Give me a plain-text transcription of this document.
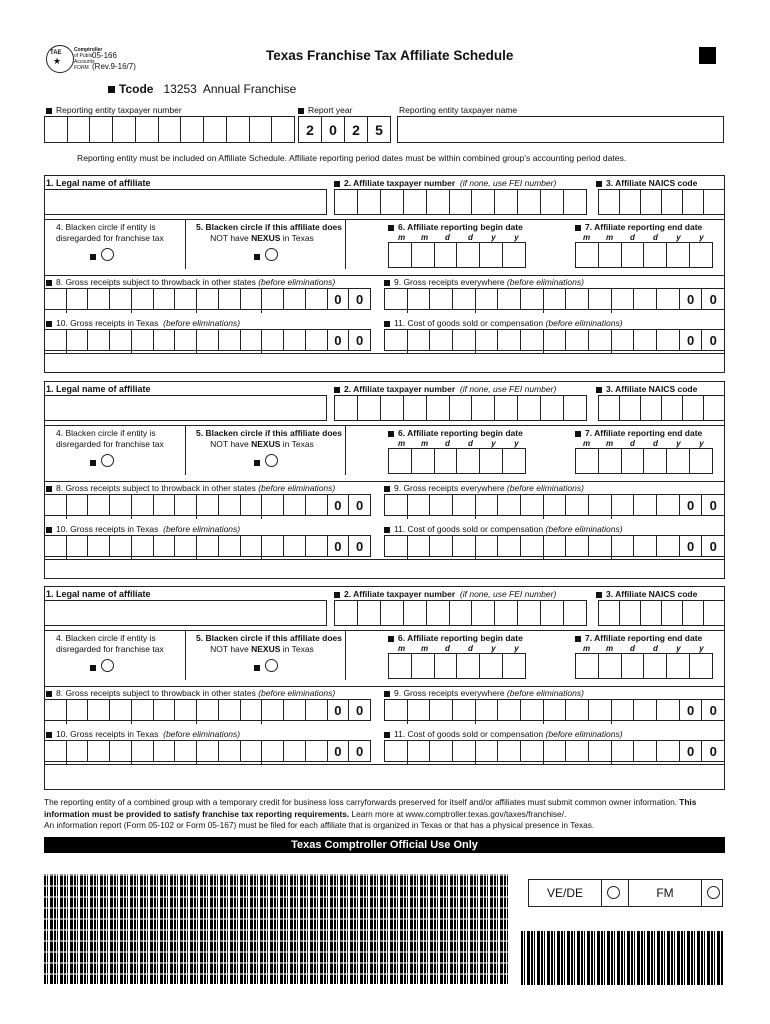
TAE
★
Comptroller
of Public
Accounts
FORM
05-166
(Rev.9-16/7)
Texas Franchise Tax Affiliate Schedule
Tcode 13253 Annual Franchise
Reporting entity taxpayer number	Report year
2	0	2	5
Reporting entity taxpayer name
Reporting entity must be included on Affiliate Schedule. Affiliate reporting period dates must be within combined group's accounting period dates.
1. Legal name of affiliate	2. Affiliate taxpayer number (if none, use FEI number)	3. Affiliate NAICS code
4. Blacken circle if entity is
disregarded for franchise tax
5. Blacken circle if this affiliate does
NOT have NEXUS in Texas
6. Affiliate reporting begin date
m	m	d	d	y	y
7. Affiliate reporting end date
m	m	d	d	y	y
8. Gross receipts subject to throwback in other states (before eliminations)
0	0
9. Gross receipts everywhere (before eliminations)
0	0
10. Gross receipts in Texas (before eliminations)
0	0
11. Cost of goods sold or compensation (before eliminations)
0	0
1. Legal name of affiliate	2. Affiliate taxpayer number (if none, use FEI number)	3. Affiliate NAICS code
4. Blacken circle if entity is
disregarded for franchise tax
5. Blacken circle if this affiliate does
NOT have NEXUS in Texas
6. Affiliate reporting begin date
m	m	d	d	y	y
7. Affiliate reporting end date
m	m	d	d	y	y
8. Gross receipts subject to throwback in other states (before eliminations)
0	0
9. Gross receipts everywhere (before eliminations)
0	0
10. Gross receipts in Texas (before eliminations)
0	0
11. Cost of goods sold or compensation (before eliminations)
0	0
1. Legal name of affiliate	2. Affiliate taxpayer number (if none, use FEI number)	3. Affiliate NAICS code
4. Blacken circle if entity is
disregarded for franchise tax
5. Blacken circle if this affiliate does
NOT have NEXUS in Texas
6. Affiliate reporting begin date
m	m	d	d	y	y
7. Affiliate reporting end date
m	m	d	d	y	y
8. Gross receipts subject to throwback in other states (before eliminations)
0	0
9. Gross receipts everywhere (before eliminations)
0	0
10. Gross receipts in Texas (before eliminations)
0	0
11. Cost of goods sold or compensation (before eliminations)
0	0
The reporting entity of a combined group with a temporary credit for business loss carryforwards preserved for itself and/or affiliates must submit common owner information. This information must be provided to satisfy franchise tax reporting requirements. Learn more at www.comptroller.texas.gov/taxes/franchise/.
An information report (Form 05-102 or Form 05-167) must be filed for each affiliate that is organized in Texas or that has a physical presence in Texas.
Texas Comptroller Official Use Only
VE/DE	FM
